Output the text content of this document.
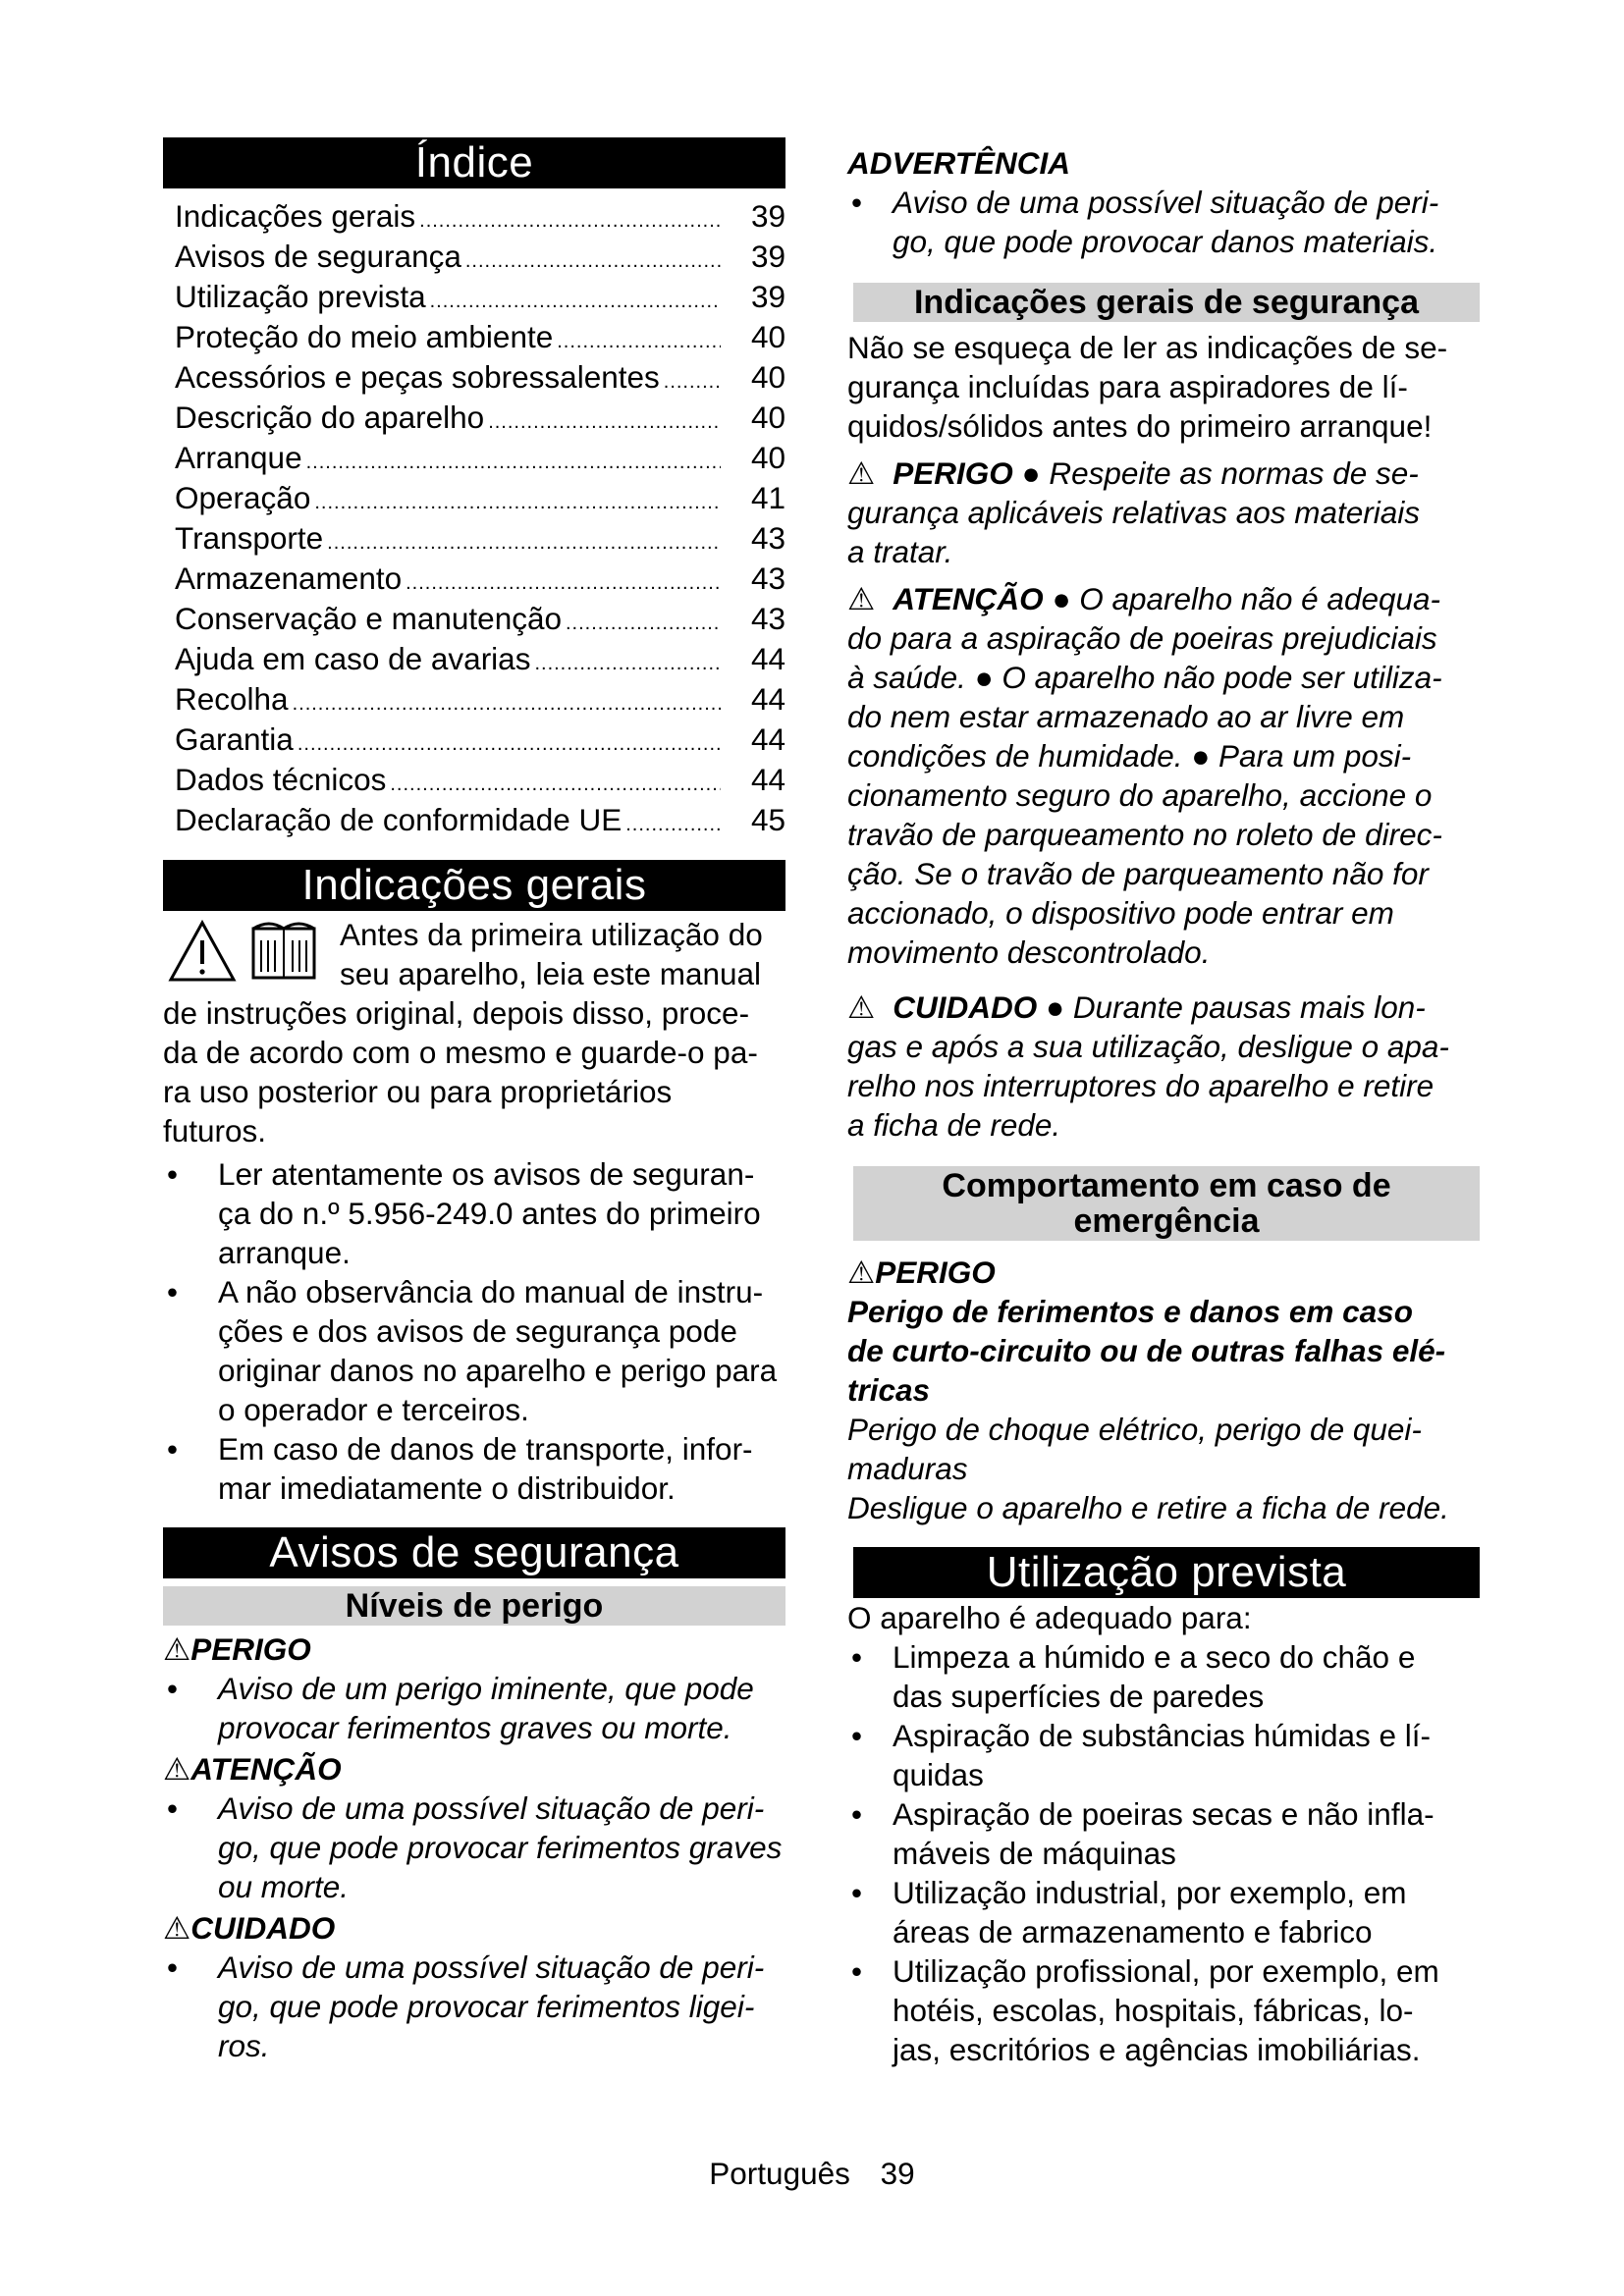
Índice
Indicações gerais .....	39
Avisos de segurança .....	39
Utilização prevista .....	39
Proteção do meio ambiente .....	40
Acessórios e peças sobressalentes .....	40
Descrição do aparelho .....	40
Arranque .....	40
Operação .....	41
Transporte .....	43
Armazenamento .....	43
Conservação e manutenção .....	43
Ajuda em caso de avarias .....	44
Recolha .....	44
Garantia .....	44
Dados técnicos .....	44
Declaração de conformidade UE .....	45
Indicações gerais
Antes da primeira utilização do
seu aparelho, leia este manual
de instruções original, depois disso, proce-
da de acordo com o mesmo e guarde-o pa-
ra uso posterior ou para proprietários
futuros.
• Ler atentamente os avisos de seguran-
ça do n.º 5.956-249.0 antes do primeiro
arranque.
• A não observância do manual de instru-
ções e dos avisos de segurança pode
originar danos no aparelho e perigo para
o operador e terceiros.
• Em caso de danos de transporte, infor-
mar imediatamente o distribuidor.
Avisos de segurança
Níveis de perigo
⚠PERIGO
• Aviso de um perigo iminente, que pode
provocar ferimentos graves ou morte.
⚠ATENÇÃO
• Aviso de uma possível situação de peri-
go, que pode provocar ferimentos graves
ou morte.
⚠CUIDADO
• Aviso de uma possível situação de peri-
go, que pode provocar ferimentos ligei-
ros.
ADVERTÊNCIA
• Aviso de uma possível situação de peri-
go, que pode provocar danos materiais.
Indicações gerais de segurança
Não se esqueça de ler as indicações de se-
gurança incluídas para aspiradores de lí-
quidos/sólidos antes do primeiro arranque!
⚠ PERIGO ● Respeite as normas de se-
gurança aplicáveis relativas aos materiais
a tratar.
⚠ ATENÇÃO ● O aparelho não é adequa-
do para a aspiração de poeiras prejudiciais
à saúde. ● O aparelho não pode ser utiliza-
do nem estar armazenado ao ar livre em
condições de humidade. ● Para um posi-
cionamento seguro do aparelho, accione o
travão de parqueamento no roleto de direc-
ção. Se o travão de parqueamento não for
accionado, o dispositivo pode entrar em
movimento descontrolado.
⚠ CUIDADO ● Durante pausas mais lon-
gas e após a sua utilização, desligue o apa-
relho nos interruptores do aparelho e retire
a ficha de rede.
Comportamento em caso de
emergência
⚠PERIGO
Perigo de ferimentos e danos em caso
de curto-circuito ou de outras falhas elé-
tricas
Perigo de choque elétrico, perigo de quei-
maduras
Desligue o aparelho e retire a ficha de rede.
Utilização prevista
O aparelho é adequado para:
• Limpeza a húmido e a seco do chão e
das superfícies de paredes
• Aspiração de substâncias húmidas e lí-
quidas
• Aspiração de poeiras secas e não infla-
máveis de máquinas
• Utilização industrial, por exemplo, em
áreas de armazenamento e fabrico
• Utilização profissional, por exemplo, em
hotéis, escolas, hospitais, fábricas, lo-
jas, escritórios e agências imobiliárias.
Português 39
